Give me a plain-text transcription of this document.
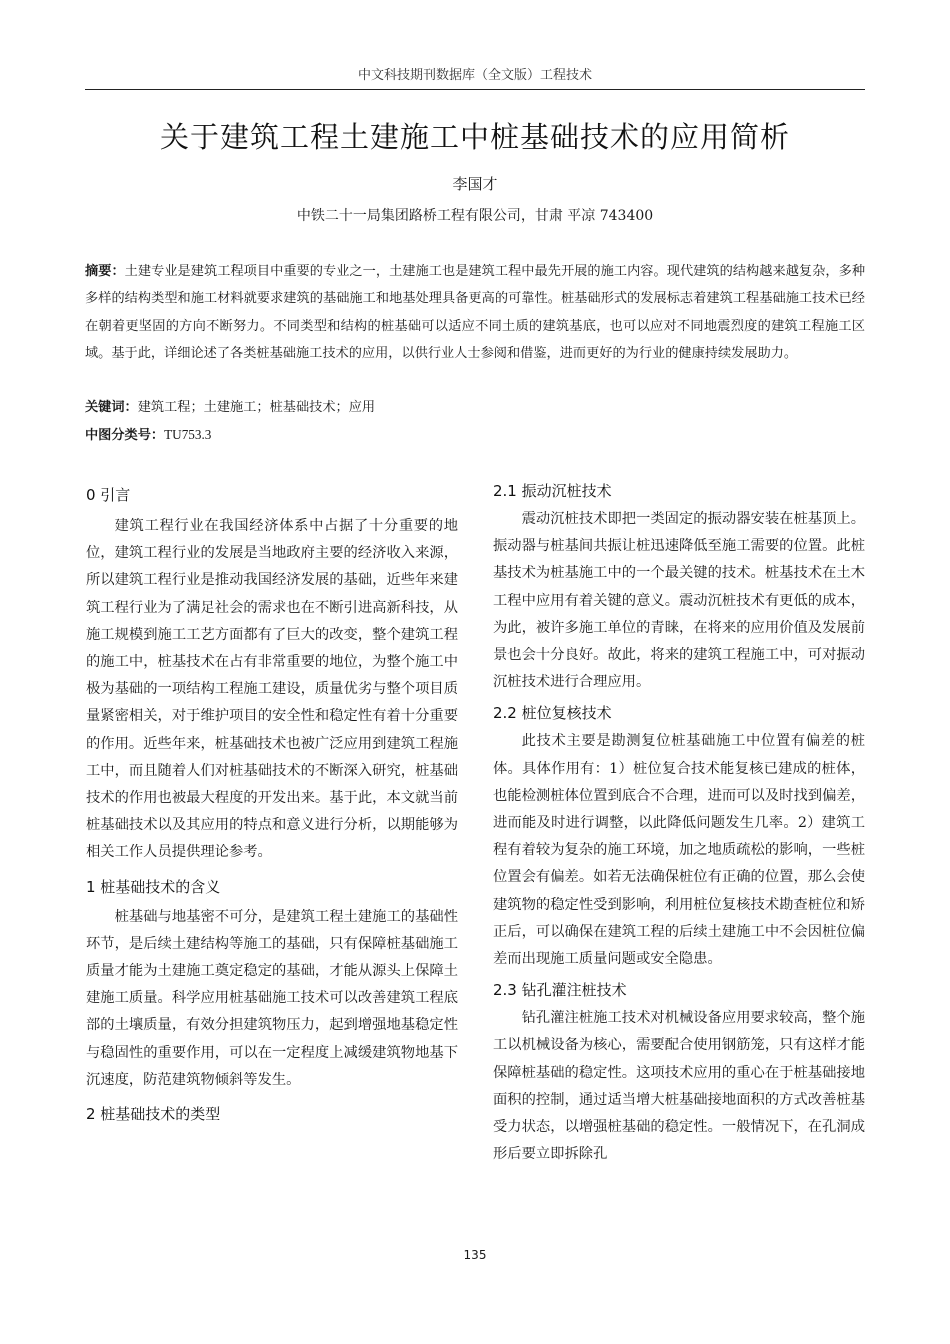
中文科技期刊数据库（全文版）工程技术
关于建筑工程土建施工中桩基础技术的应用简析
李国才
中铁二十一局集团路桥工程有限公司，甘肃 平凉 743400
摘要：土建专业是建筑工程项目中重要的专业之一，土建施工也是建筑工程中最先开展的施工内容。现代建筑的结构越来越复杂，多种多样的结构类型和施工材料就要求建筑的基础施工和地基处理具备更高的可靠性。桩基础形式的发展标志着建筑工程基础施工技术已经在朝着更坚固的方向不断努力。不同类型和结构的桩基础可以适应不同土质的建筑基底，也可以应对不同地震烈度的建筑工程施工区域。基于此，详细论述了各类桩基础施工技术的应用，以供行业人士参阅和借鉴，进而更好的为行业的健康持续发展助力。
关键词：建筑工程；土建施工；桩基础技术；应用
中图分类号：TU753.3
0 引言

建筑工程行业在我国经济体系中占据了十分重要的地位，建筑工程行业的发展是当地政府主要的经济收入来源，所以建筑工程行业是推动我国经济发展的基础，近些年来建筑工程行业为了满足社会的需求也在不断引进高新科技，从施工规模到施工工艺方面都有了巨大的改变，整个建筑工程的施工中，桩基技术在占有非常重要的地位，为整个施工中极为基础的一项结构工程施工建设，质量优劣与整个项目质量紧密相关，对于维护项目的安全性和稳定性有着十分重要的作用。近些年来，桩基础技术也被广泛应用到建筑工程施工中，而且随着人们对桩基础技术的不断深入研究，桩基础技术的作用也被最大程度的开发出来。基于此，本文就当前桩基础技术以及其应用的特点和意义进行分析，以期能够为相关工作人员提供理论参考。

1 桩基础技术的含义

桩基础与地基密不可分，是建筑工程土建施工的基础性环节，是后续土建结构等施工的基础，只有保障桩基础施工质量才能为土建施工奠定稳定的基础，才能从源头上保障土建施工质量。科学应用桩基础施工技术可以改善建筑工程底部的土壤质量，有效分担建筑物压力，起到增强地基稳定性与稳固性的重要作用，可以在一定程度上减缓建筑物地基下沉速度，防范建筑物倾斜等发生。

2 桩基础技术的类型
2.1 振动沉桩技术

震动沉桩技术即把一类固定的振动器安装在桩基顶上。振动器与桩基间共振让桩迅速降低至施工需要的位置。此桩基技术为桩基施工中的一个最关键的技术。桩基技术在土木工程中应用有着关键的意义。震动沉桩技术有更低的成本，为此，被许多施工单位的青睐，在将来的应用价值及发展前景也会十分良好。故此，将来的建筑工程施工中，可对振动沉桩技术进行合理应用。

2.2 桩位复核技术

此技术主要是勘测复位桩基础施工中位置有偏差的桩体。具体作用有：1）桩位复合技术能复核已建成的桩体，也能检测桩体位置到底合不合理，进而可以及时找到偏差，进而能及时进行调整，以此降低问题发生几率。2）建筑工程有着较为复杂的施工环境，加之地质疏松的影响，一些桩位置会有偏差。如若无法确保桩位有正确的位置，那么会使建筑物的稳定性受到影响，利用桩位复核技术勘查桩位和矫正后，可以确保在建筑工程的后续土建施工中不会因桩位偏差而出现施工质量问题或安全隐患。

2.3 钻孔灌注桩技术

钻孔灌注桩施工技术对机械设备应用要求较高，整个施工以机械设备为核心，需要配合使用钢筋笼，只有这样才能保障桩基础的稳定性。这项技术应用的重心在于桩基础接地面积的控制，通过适当增大桩基础接地面积的方式改善桩基受力状态，以增强桩基础的稳定性。一般情况下，在孔洞成形后要立即拆除孔

135
